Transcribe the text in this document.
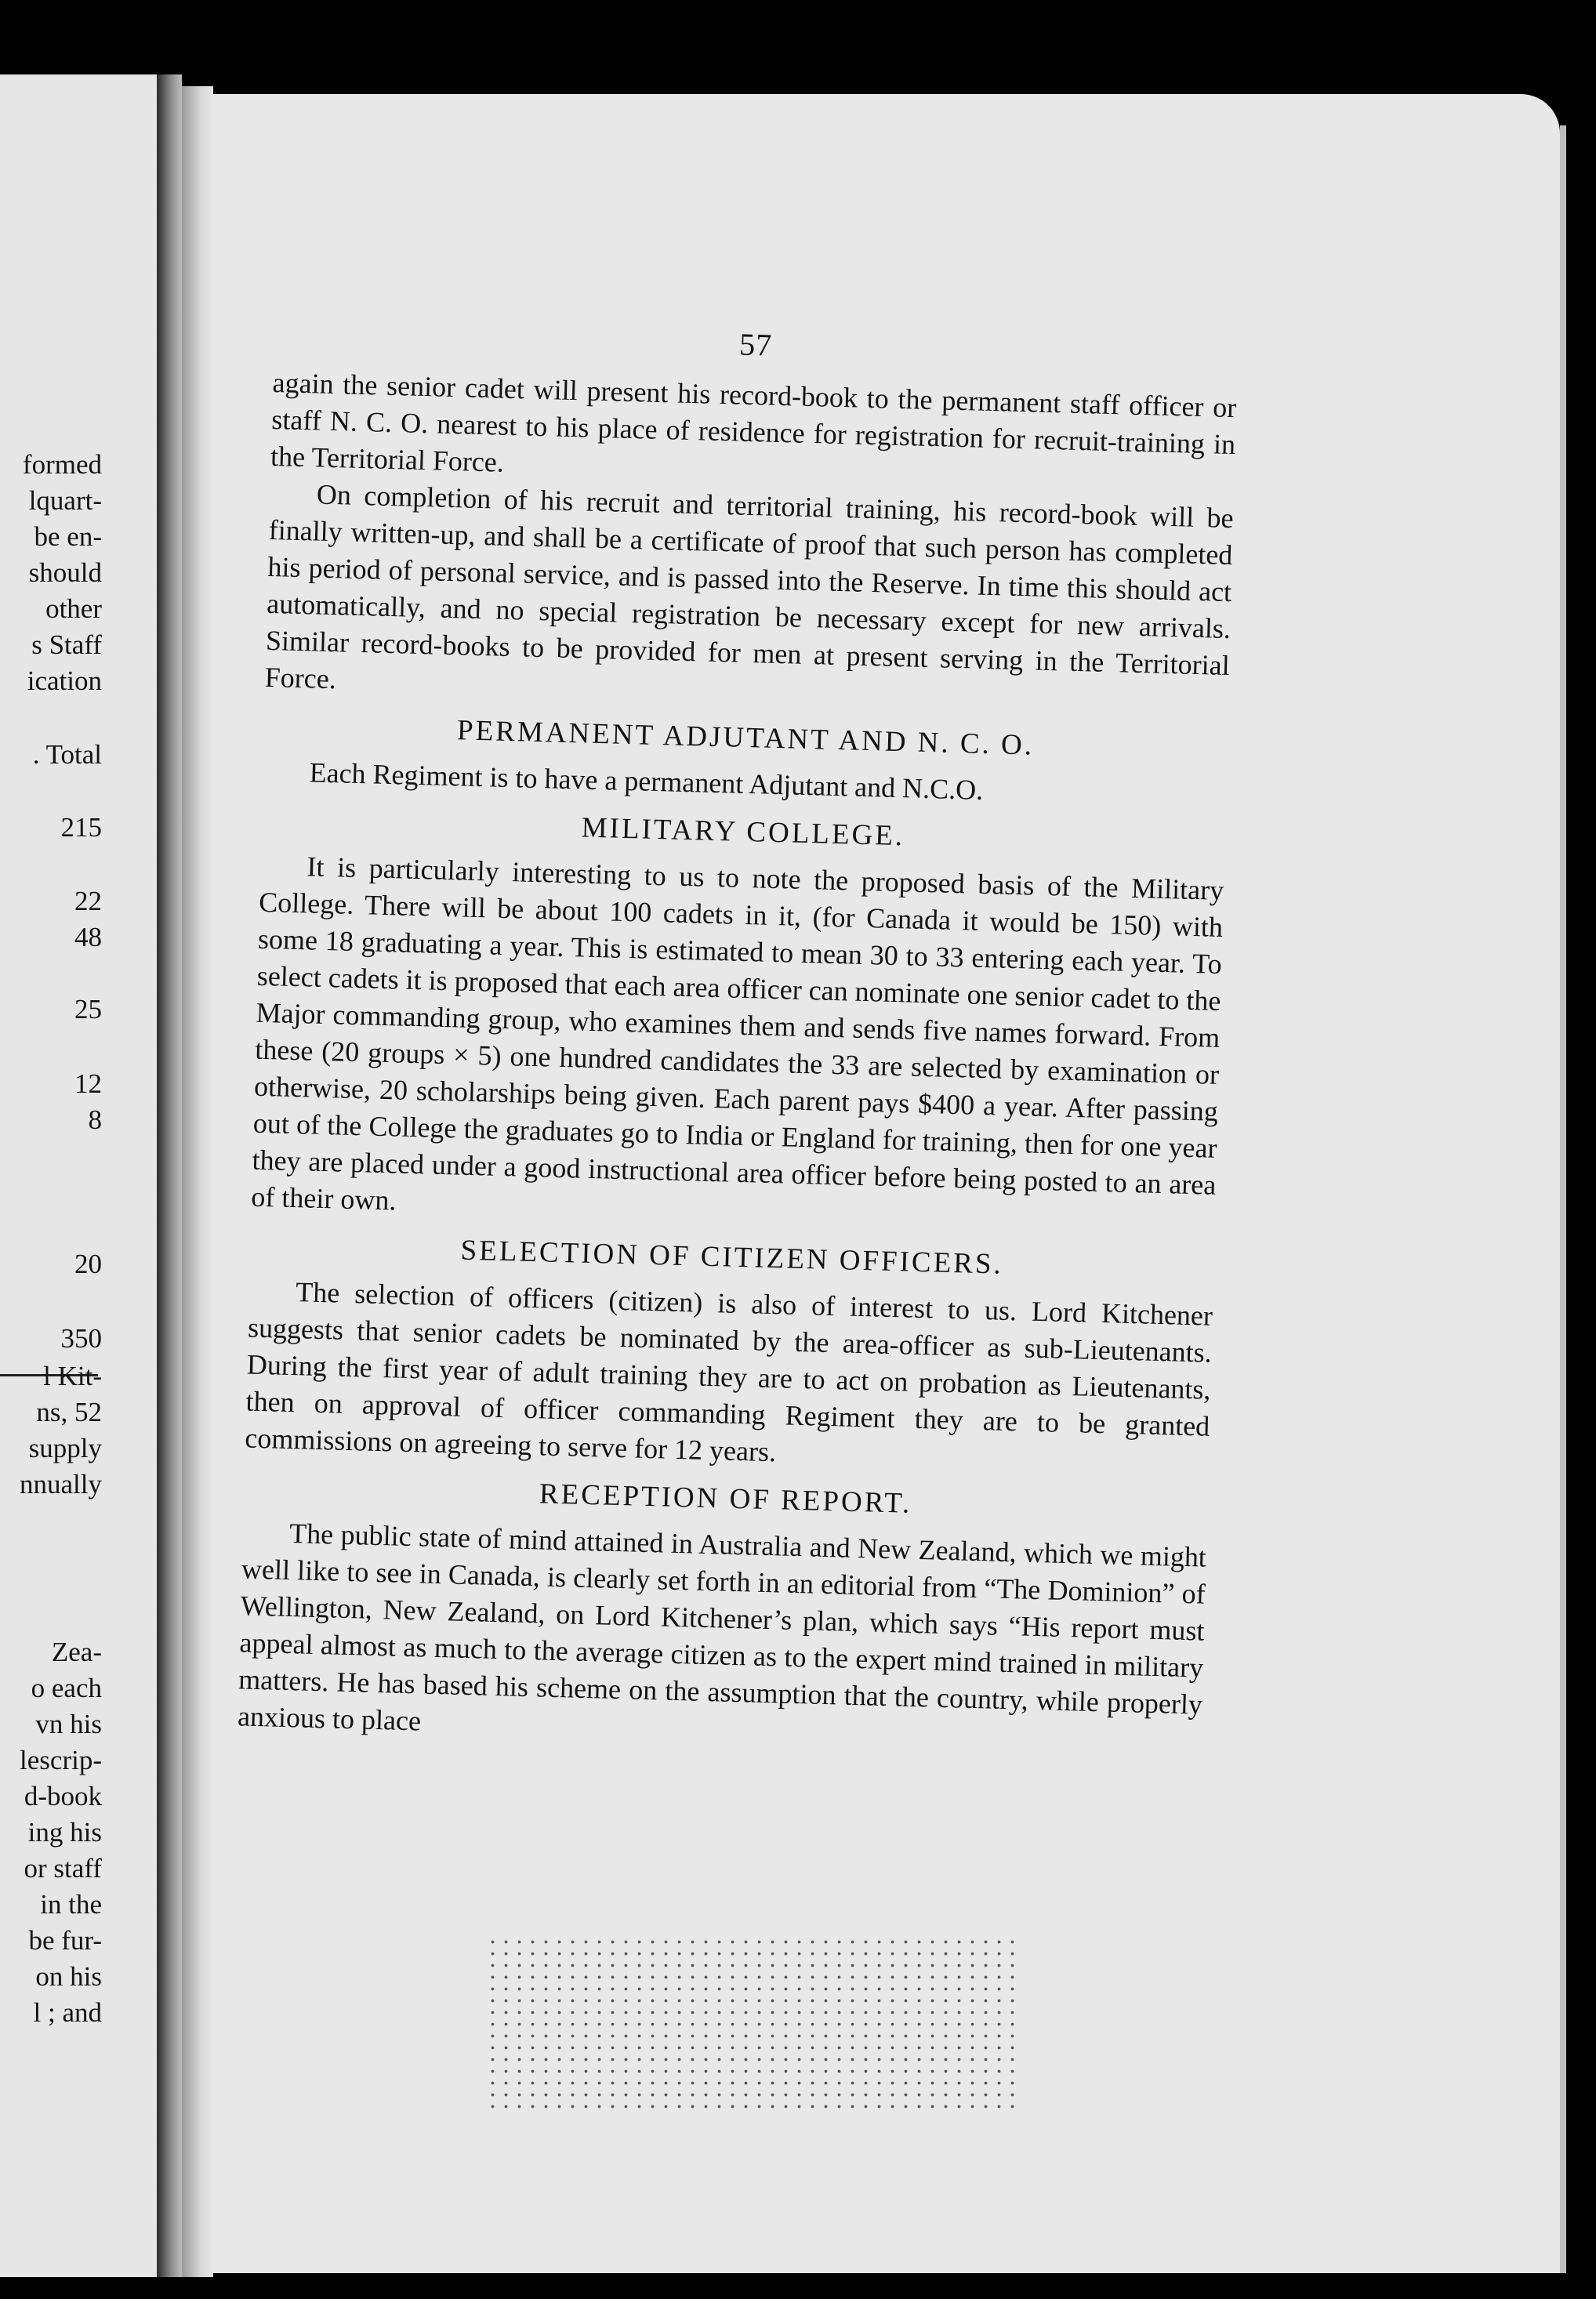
formed
lquart-
be en-
should
other
s Staff
ication
. Total
215
22
48
25
12
8
20
350
l Kit-
ns, 52
supply
nnually
Zea-
o each
vn his
lescrip-
d-book
ing his
or staff
in the
be fur-
on his
l ; and
57

again the senior cadet will present his record-book to the permanent staff officer or staff N. C. O. nearest to his place of residence for registration for recruit-training in the Territorial Force.

On completion of his recruit and territorial training, his record-book will be finally written-up, and shall be a certificate of proof that such person has completed his period of personal service, and is passed into the Reserve. In time this should act automatically, and no special registration be necessary except for new arrivals. Similar record-books to be provided for men at present serving in the Territorial Force.

PERMANENT ADJUTANT AND N. C. O.

Each Regiment is to have a permanent Adjutant and N.C.O.

MILITARY COLLEGE.

It is particularly interesting to us to note the proposed basis of the Military College. There will be about 100 cadets in it, (for Canada it would be 150) with some 18 graduating a year. This is estimated to mean 30 to 33 entering each year. To select cadets it is proposed that each area officer can nominate one senior cadet to the Major commanding group, who examines them and sends five names forward. From these (20 groups × 5) one hundred candidates the 33 are selected by examination or otherwise, 20 scholarships being given. Each parent pays $400 a year. After passing out of the College the graduates go to India or England for training, then for one year they are placed under a good instructional area officer before being posted to an area of their own.

SELECTION OF CITIZEN OFFICERS.

The selection of officers (citizen) is also of interest to us. Lord Kitchener suggests that senior cadets be nominated by the area-officer as sub-Lieutenants. During the first year of adult training they are to act on probation as Lieutenants, then on approval of officer commanding Regiment they are to be granted commissions on agreeing to serve for 12 years.

RECEPTION OF REPORT.

The public state of mind attained in Australia and New Zealand, which we might well like to see in Canada, is clearly set forth in an editorial from “The Dominion” of Wellington, New Zealand, on Lord Kitchener’s plan, which says “His report must appeal almost as much to the average citizen as to the expert mind trained in military matters. He has based his scheme on the assumption that the country, while properly anxious to place
